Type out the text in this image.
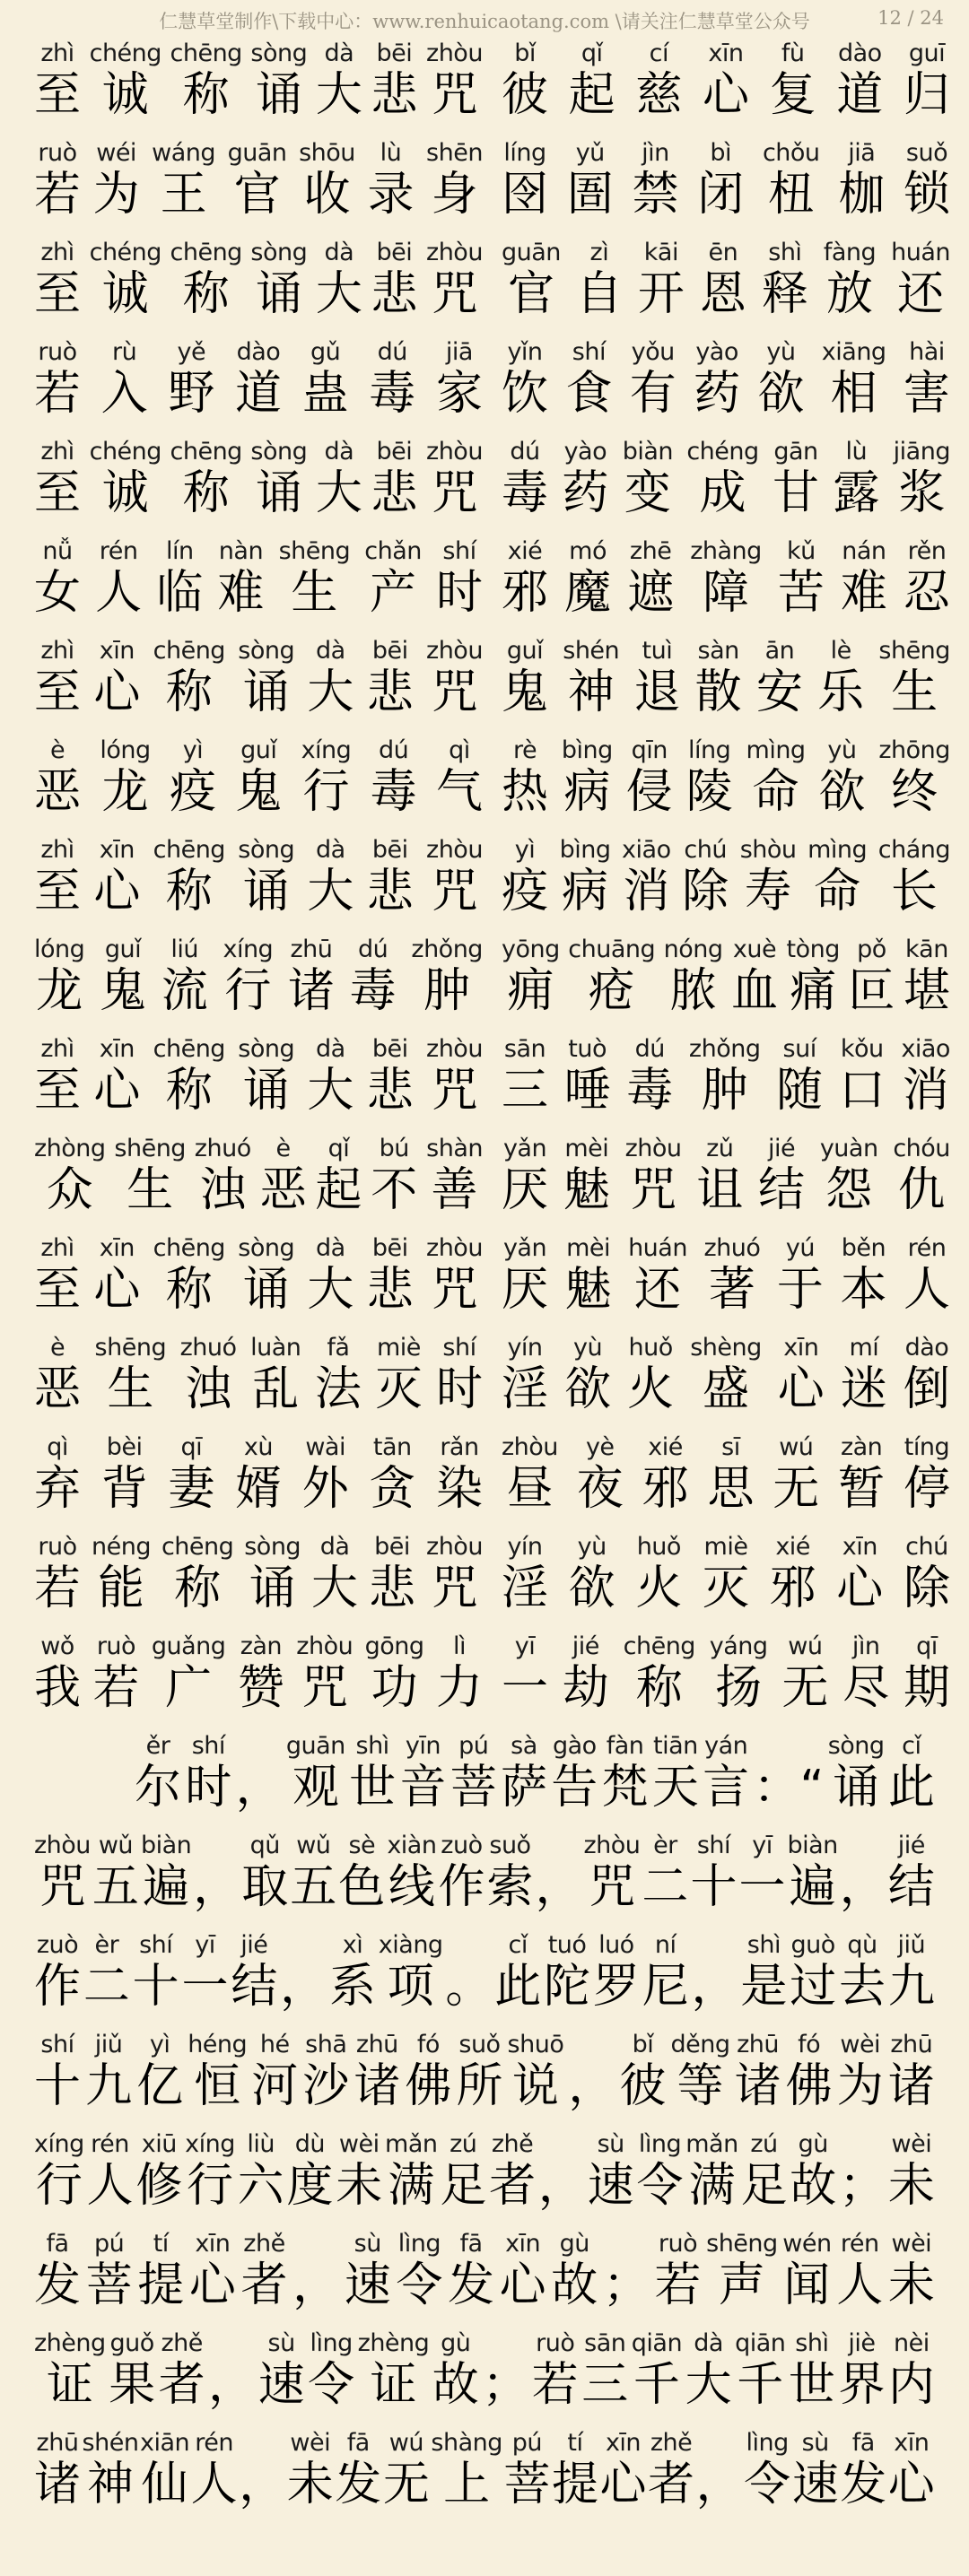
仁慧草堂制作\下载中心：www.renhuicaotang.com \请关注仁慧草堂公众号	12 / 24
zhì
至
chéng
诚
chēng
称
sòng
诵
dà
大
bēi
悲
zhòu
咒
bǐ
彼
qǐ
起
cí
慈
xīn
心
fù
复
dào
道
guī
归
ruò
若
wéi
为
wáng
王
guān
官
shōu
收
lù
录
shēn
身
líng
囹
yǔ
圄
jìn
禁
bì
闭
chǒu
杻
jiā
枷
suǒ
锁
zhì
至
chéng
诚
chēng
称
sòng
诵
dà
大
bēi
悲
zhòu
咒
guān
官
zì
自
kāi
开
ēn
恩
shì
释
fàng
放
huán
还
ruò
若
rù
入
yě
野
dào
道
gǔ
蛊
dú
毒
jiā
家
yǐn
饮
shí
食
yǒu
有
yào
药
yù
欲
xiāng
相
hài
害
zhì
至
chéng
诚
chēng
称
sòng
诵
dà
大
bēi
悲
zhòu
咒
dú
毒
yào
药
biàn
变
chéng
成
gān
甘
lù
露
jiāng
浆
nǚ
女
rén
人
lín
临
nàn
难
shēng
生
chǎn
产
shí
时
xié
邪
mó
魔
zhē
遮
zhàng
障
kǔ
苦
nán
难
rěn
忍
zhì
至
xīn
心
chēng
称
sòng
诵
dà
大
bēi
悲
zhòu
咒
guǐ
鬼
shén
神
tuì
退
sàn
散
ān
安
lè
乐
shēng
生
è
恶
lóng
龙
yì
疫
guǐ
鬼
xíng
行
dú
毒
qì
气
rè
热
bìng
病
qīn
侵
líng
陵
mìng
命
yù
欲
zhōng
终
zhì
至
xīn
心
chēng
称
sòng
诵
dà
大
bēi
悲
zhòu
咒
yì
疫
bìng
病
xiāo
消
chú
除
shòu
寿
mìng
命
cháng
长
lóng
龙
guǐ
鬼
liú
流
xíng
行
zhū
诸
dú
毒
zhǒng
肿
yōng
痈
chuāng
疮
nóng
脓
xuè
血
tòng
痛
pǒ
叵
kān
堪
zhì
至
xīn
心
chēng
称
sòng
诵
dà
大
bēi
悲
zhòu
咒
sān
三
tuò
唾
dú
毒
zhǒng
肿
suí
随
kǒu
口
xiāo
消
zhòng
众
shēng
生
zhuó
浊
è
恶
qǐ
起
bú
不
shàn
善
yǎn
厌
mèi
魅
zhòu
咒
zǔ
诅
jié
结
yuàn
怨
chóu
仇
zhì
至
xīn
心
chēng
称
sòng
诵
dà
大
bēi
悲
zhòu
咒
yǎn
厌
mèi
魅
huán
还
zhuó
著
yú
于
běn
本
rén
人
è
恶
shēng
生
zhuó
浊
luàn
乱
fǎ
法
miè
灭
shí
时
yín
淫
yù
欲
huǒ
火
shèng
盛
xīn
心
mí
迷
dào
倒
qì
弃
bèi
背
qī
妻
xù
婿
wài
外
tān
贪
rǎn
染
zhòu
昼
yè
夜
xié
邪
sī
思
wú
无
zàn
暂
tíng
停
ruò
若
néng
能
chēng
称
sòng
诵
dà
大
bēi
悲
zhòu
咒
yín
淫
yù
欲
huǒ
火
miè
灭
xié
邪
xīn
心
chú
除
wǒ
我
ruò
若
guǎng
广
zàn
赞
zhòu
咒
gōng
功
lì
力
yī
一
jié
劫
chēng
称
yáng
扬
wú
无
jìn
尽
qī
期
ěr
尔
shí
时 ，
guān
观
shì
世
yīn
音
pú
菩
sà
萨
gào
告
fàn
梵
tiān
天
yán
言 ：“
sòng
诵
cǐ
此
zhòu
咒
wǔ
五
biàn
遍 ，
qǔ
取
wǔ
五
sè
色
xiàn
线
zuò
作
suǒ
索 ，
zhòu
咒
èr
二
shí
十
yī
一
biàn
遍 ，
jié
结
zuò
作
èr
二
shí
十
yī
一
jié
结 ，
xì
系
xiàng
项 。
cǐ
此
tuó
陀
luó
罗
ní
尼 ，
shì
是
guò
过
qù
去
jiǔ
九
shí
十
jiǔ
九
yì
亿
héng
恒
hé
河
shā
沙
zhū
诸
fó
佛
suǒ
所
shuō
说 ，
bǐ
彼
děng
等
zhū
诸
fó
佛
wèi
为
zhū
诸
xíng
行
rén
人
xiū
修
xíng
行
liù
六
dù
度
wèi
未
mǎn
满
zú
足
zhě
者 ，
sù
速
lìng
令
mǎn
满
zú
足
gù
故 ；
wèi
未
fā
发
pú
菩
tí
提
xīn
心
zhě
者 ，
sù
速
lìng
令
fā
发
xīn
心
gù
故 ；
ruò
若
shēng
声
wén
闻
rén
人
wèi
未
zhèng
证
guǒ
果
zhě
者 ，
sù
速
lìng
令
zhèng
证
gù
故 ；
ruò
若
sān
三
qiān
千
dà
大
qiān
千
shì
世
jiè
界
nèi
内
zhū
诸
shén
神
xiān
仙
rén
人 ，
wèi
未
fā
发
wú
无
shàng
上
pú
菩
tí
提
xīn
心
zhě
者 ，
lìng
令
sù
速
fā
发
xīn
心
